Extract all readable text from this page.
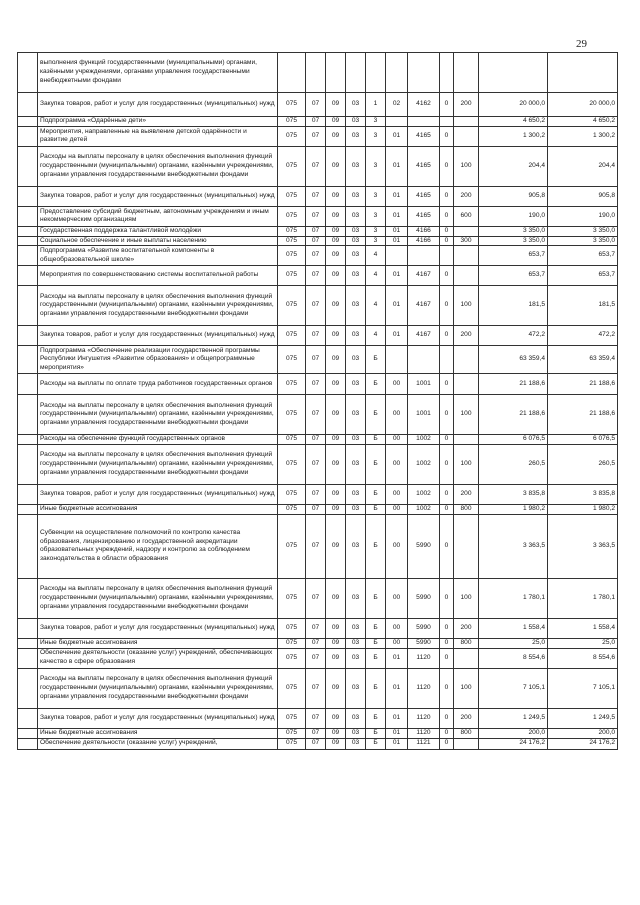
29
	выполнения функций государственными (муниципальными) органами, казёнными учреждениями, органами управления государственными внебюджетными фондами											
	Закупка товаров, работ и услуг для государственных (муниципальных) нужд	075	07	09	03	1	02	4162	0	200	20 000,0	20 000,0
	Подпрограмма «Одарённые дети»	075	07	09	03	3					4 650,2	4 650,2
	Мероприятия, направленные на выявление детской одарённости и развитие детей	075	07	09	03	3	01	4165	0		1 300,2	1 300,2
	Расходы на выплаты персоналу в целях обеспечения выполнения функций государственными (муниципальными) органами, казёнными учреждениями, органами управления государственными внебюджетными фондами	075	07	09	03	3	01	4165	0	100	204,4	204,4
	Закупка товаров, работ и услуг для государственных (муниципальных) нужд	075	07	09	03	3	01	4165	0	200	905,8	905,8
	Предоставление субсидий бюджетным, автономным учреждениям и иным некоммерческим организациям	075	07	09	03	3	01	4165	0	600	190,0	190,0
	Государственная поддержка талантливой молодёжи	075	07	09	03	3	01	4166	0		3 350,0	3 350,0
	Социальное обеспечение и иные выплаты населению	075	07	09	03	3	01	4166	0	300	3 350,0	3 350,0
	Подпрограмма «Развитие воспитательной компоненты в общеобразовательной школе»	075	07	09	03	4					653,7	653,7
	Мероприятия по совершенствованию системы воспитательной работы	075	07	09	03	4	01	4167	0		653,7	653,7
	Расходы на выплаты персоналу в целях обеспечения выполнения функций государственными (муниципальными) органами, казёнными учреждениями, органами управления государственными внебюджетными фондами	075	07	09	03	4	01	4167	0	100	181,5	181,5
	Закупка товаров, работ и услуг для государственных (муниципальных) нужд	075	07	09	03	4	01	4167	0	200	472,2	472,2
	Подпрограмма «Обеспечение реализации государственной программы Республики Ингушетия «Развитие образования» и общепрограммные мероприятия»	075	07	09	03	Б					63 359,4	63 359,4
	Расходы на выплаты по оплате труда работников государственных органов	075	07	09	03	Б	00	1001	0		21 188,6	21 188,6
	Расходы на выплаты персоналу в целях обеспечения выполнения функций государственными (муниципальными) органами, казёнными учреждениями, органами управления государственными внебюджетными фондами	075	07	09	03	Б	00	1001	0	100	21 188,6	21 188,6
	Расходы на обеспечение функций государственных органов	075	07	09	03	Б	00	1002	0		6 076,5	6 076,5
	Расходы на выплаты персоналу в целях обеспечения выполнения функций государственными (муниципальными) органами, казёнными учреждениями, органами управления государственными внебюджетными фондами	075	07	09	03	Б	00	1002	0	100	260,5	260,5
	Закупка товаров, работ и услуг для государственных (муниципальных) нужд	075	07	09	03	Б	00	1002	0	200	3 835,8	3 835,8
	Иные бюджетные ассигнования	075	07	09	03	Б	00	1002	0	800	1 980,2	1 980,2
	Субвенции на осуществление полномочий по контролю качества образования, лицензированию и государственной аккредитации образовательных учреждений, надзору и контролю за соблюдением законодательства в области образования	075	07	09	03	Б	00	5990	0		3 363,5	3 363,5
	Расходы на выплаты персоналу в целях обеспечения выполнения функций государственными (муниципальными) органами, казёнными учреждениями, органами управления государственными внебюджетными фондами	075	07	09	03	Б	00	5990	0	100	1 780,1	1 780,1
	Закупка товаров, работ и услуг для государственных (муниципальных) нужд	075	07	09	03	Б	00	5990	0	200	1 558,4	1 558,4
	Иные бюджетные ассигнования	075	07	09	03	Б	00	5990	0	800	25,0	25,0
	Обеспечение деятельности (оказание услуг) учреждений, обеспечивающих качество в сфере образования	075	07	09	03	Б	01	1120	0		8 554,6	8 554,6
	Расходы на выплаты персоналу в целях обеспечения выполнения функций государственными (муниципальными) органами, казёнными учреждениями, органами управления государственными внебюджетными фондами	075	07	09	03	Б	01	1120	0	100	7 105,1	7 105,1
	Закупка товаров, работ и услуг для государственных (муниципальных) нужд	075	07	09	03	Б	01	1120	0	200	1 249,5	1 249,5
	Иные бюджетные ассигнования	075	07	09	03	Б	01	1120	0	800	200,0	200,0
	Обеспечение деятельности (оказание услуг) учреждений,	075	07	09	03	Б	01	1121	0		24 176,2	24 176,2
